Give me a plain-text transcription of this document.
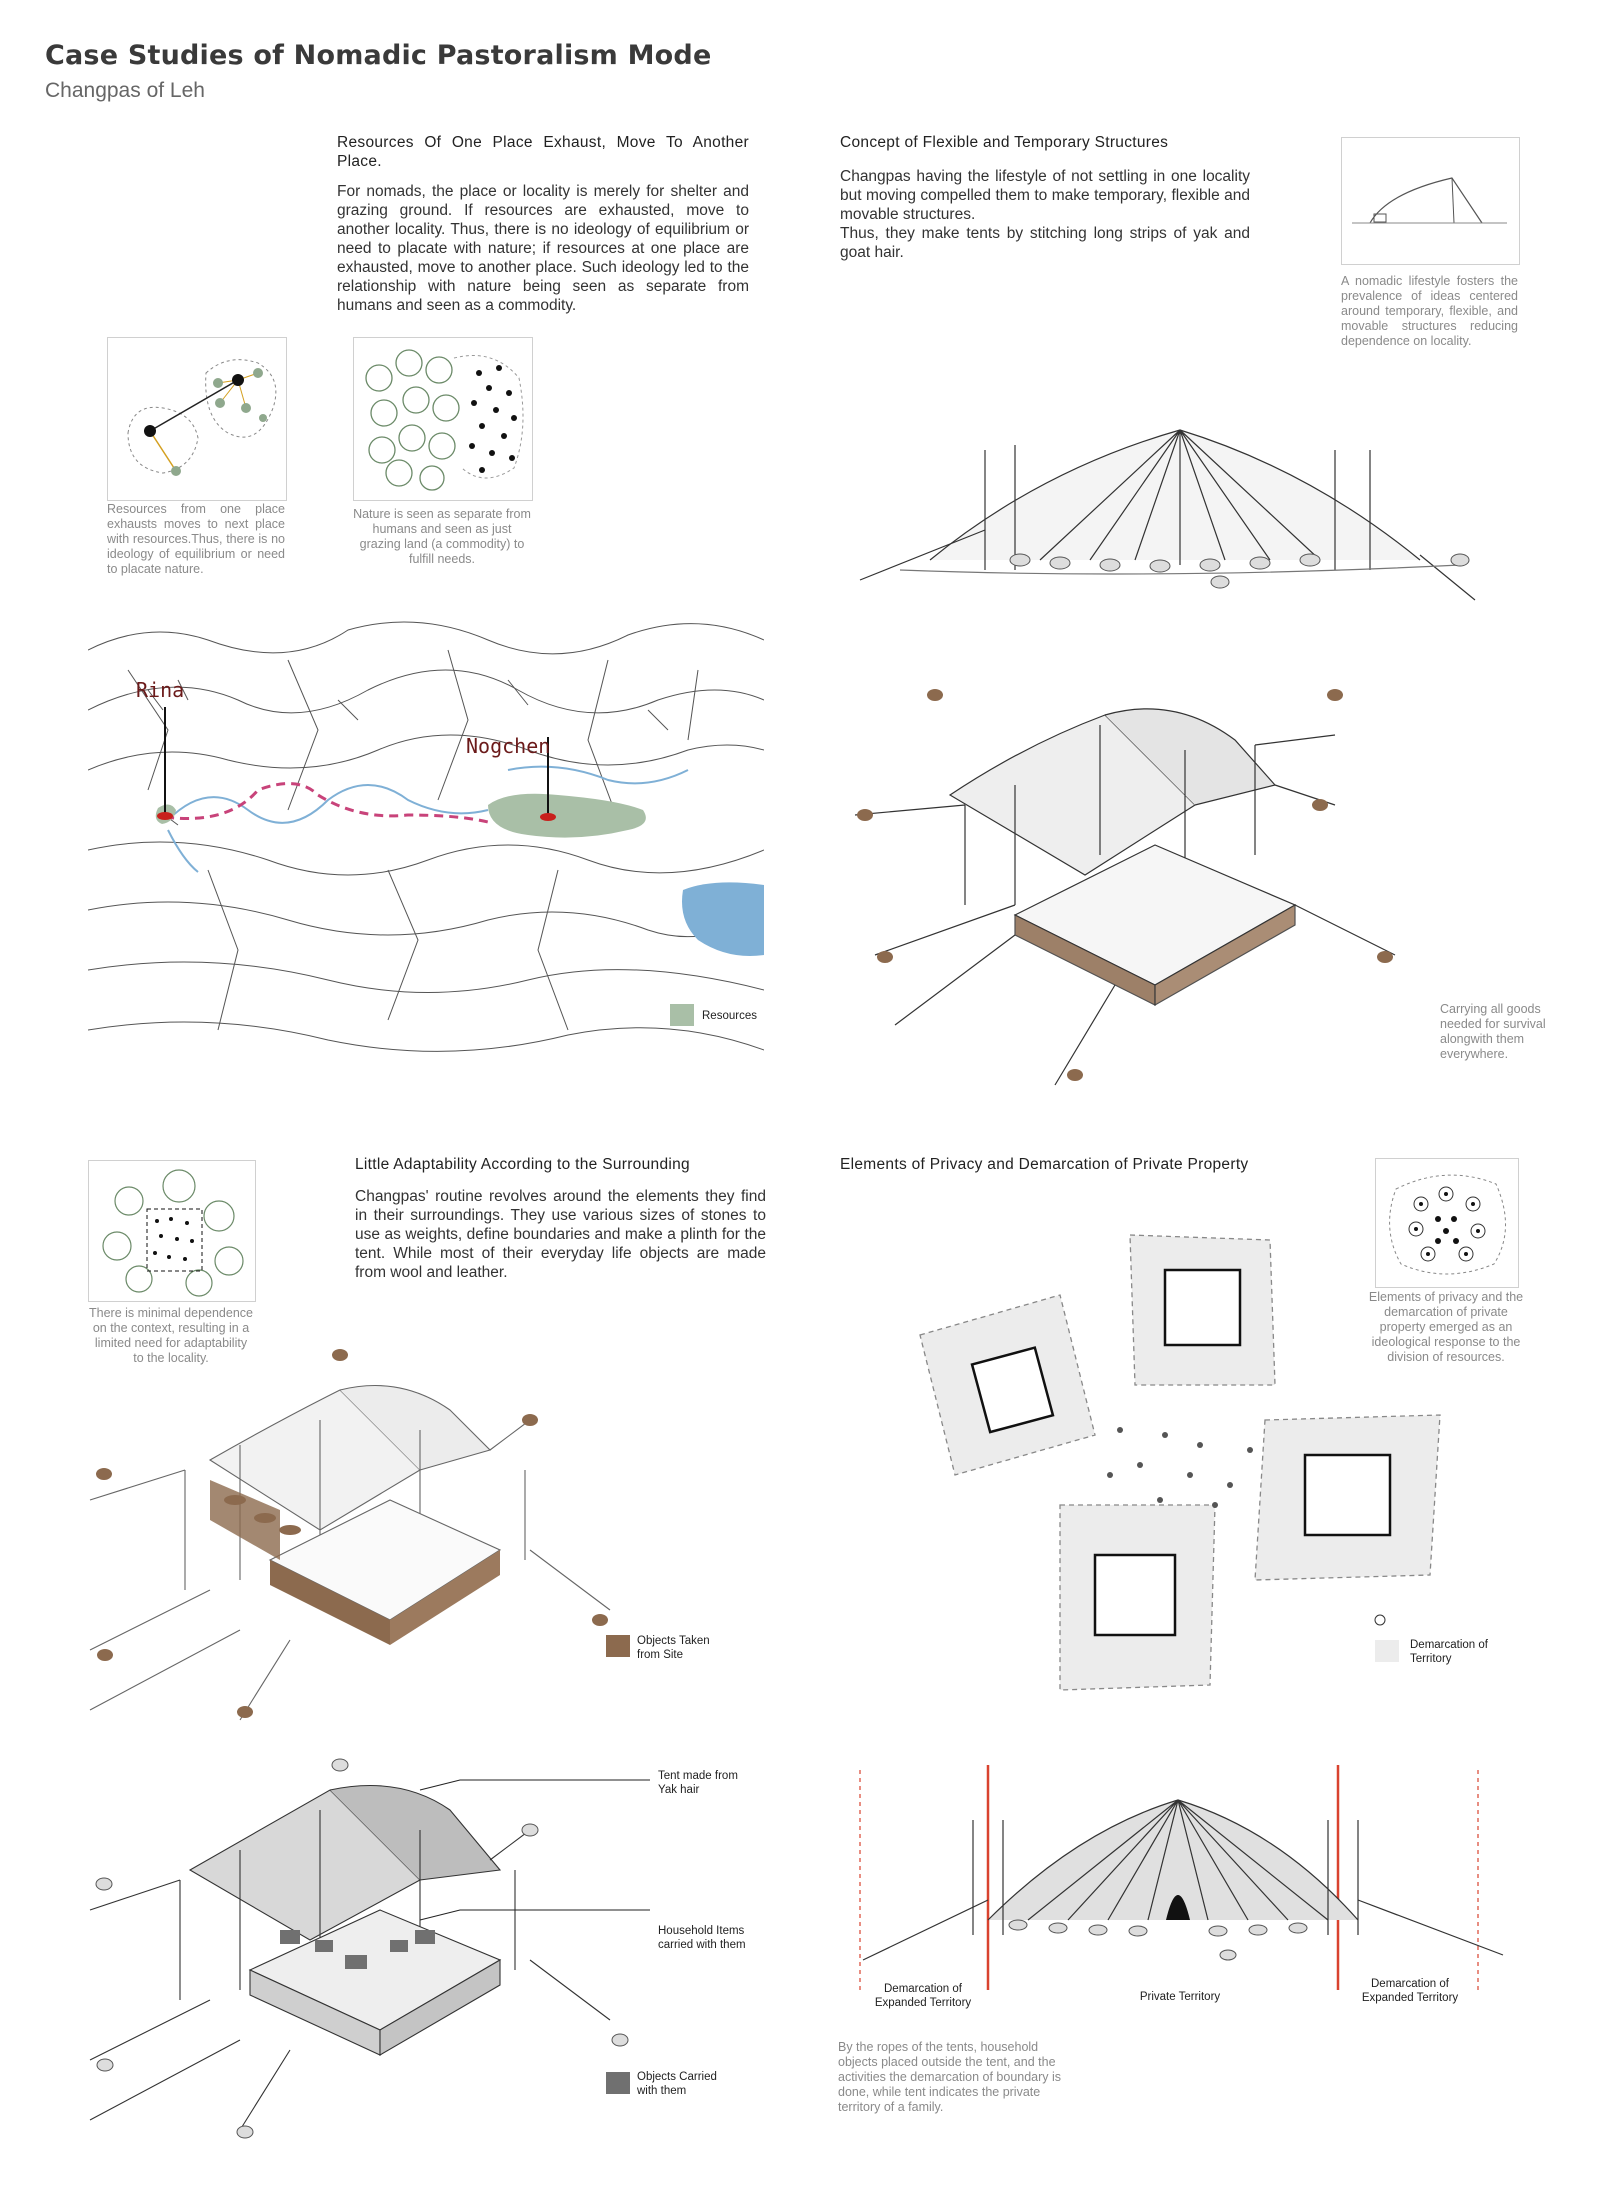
Case Studies of Nomadic Pastoralism Mode
Changpas of Leh
Resources Of One Place Exhaust, Move To Another Place.
For nomads, the place or locality is merely for shelter and grazing ground. If resources are exhausted, move to another locality. Thus, there is no ideology of equilibrium or need to placate with nature; if resources at one place are exhausted, move to another place. Such ideology led to the relationship with nature being seen as separate from humans and seen as a commodity.
Resources from one place exhausts moves to next place with resources.Thus, there is no ideology of equilibrium or need to placate nature.
Nature is seen as separate from humans and seen as just grazing land (a commodity) to fulfill needs.
Concept of Flexible and Temporary Structures
Changpas having the lifestyle of not settling in one locality but moving compelled them to make temporary, flexible and movable structures.
Thus, they make tents by stitching long strips of yak and goat hair.
A nomadic lifestyle fosters the prevalence of ideas centered around temporary, flexible, and movable structures reducing dependence on locality.
Carrying all goods needed for survival alongwith them everywhere.
Rina
Nogchen
Resources
There is minimal dependence on the context, resulting in a limited need for adaptability to the locality.
Little Adaptability According to the Surrounding
Changpas' routine revolves around the elements they find in their surroundings. They use various sizes of stones to use as weights, define boundaries and make a plinth for the tent. While most of their everyday life objects are made from wool and leather.
Objects Taken from Site
Tent made from Yak hair
Household Items carried with them
Objects Carried with them
Elements of Privacy and Demarcation of Private Property
Elements of privacy and the demarcation of private property emerged as an ideological response to the division of resources.
Demarcation of Territory
Demarcation of Expanded Territory	Private Territory
Demarcation of Expanded Territory
By the ropes of the tents, household objects placed outside the tent, and the activities the demarcation of boundary is done, while tent indicates the private territory of a family.
